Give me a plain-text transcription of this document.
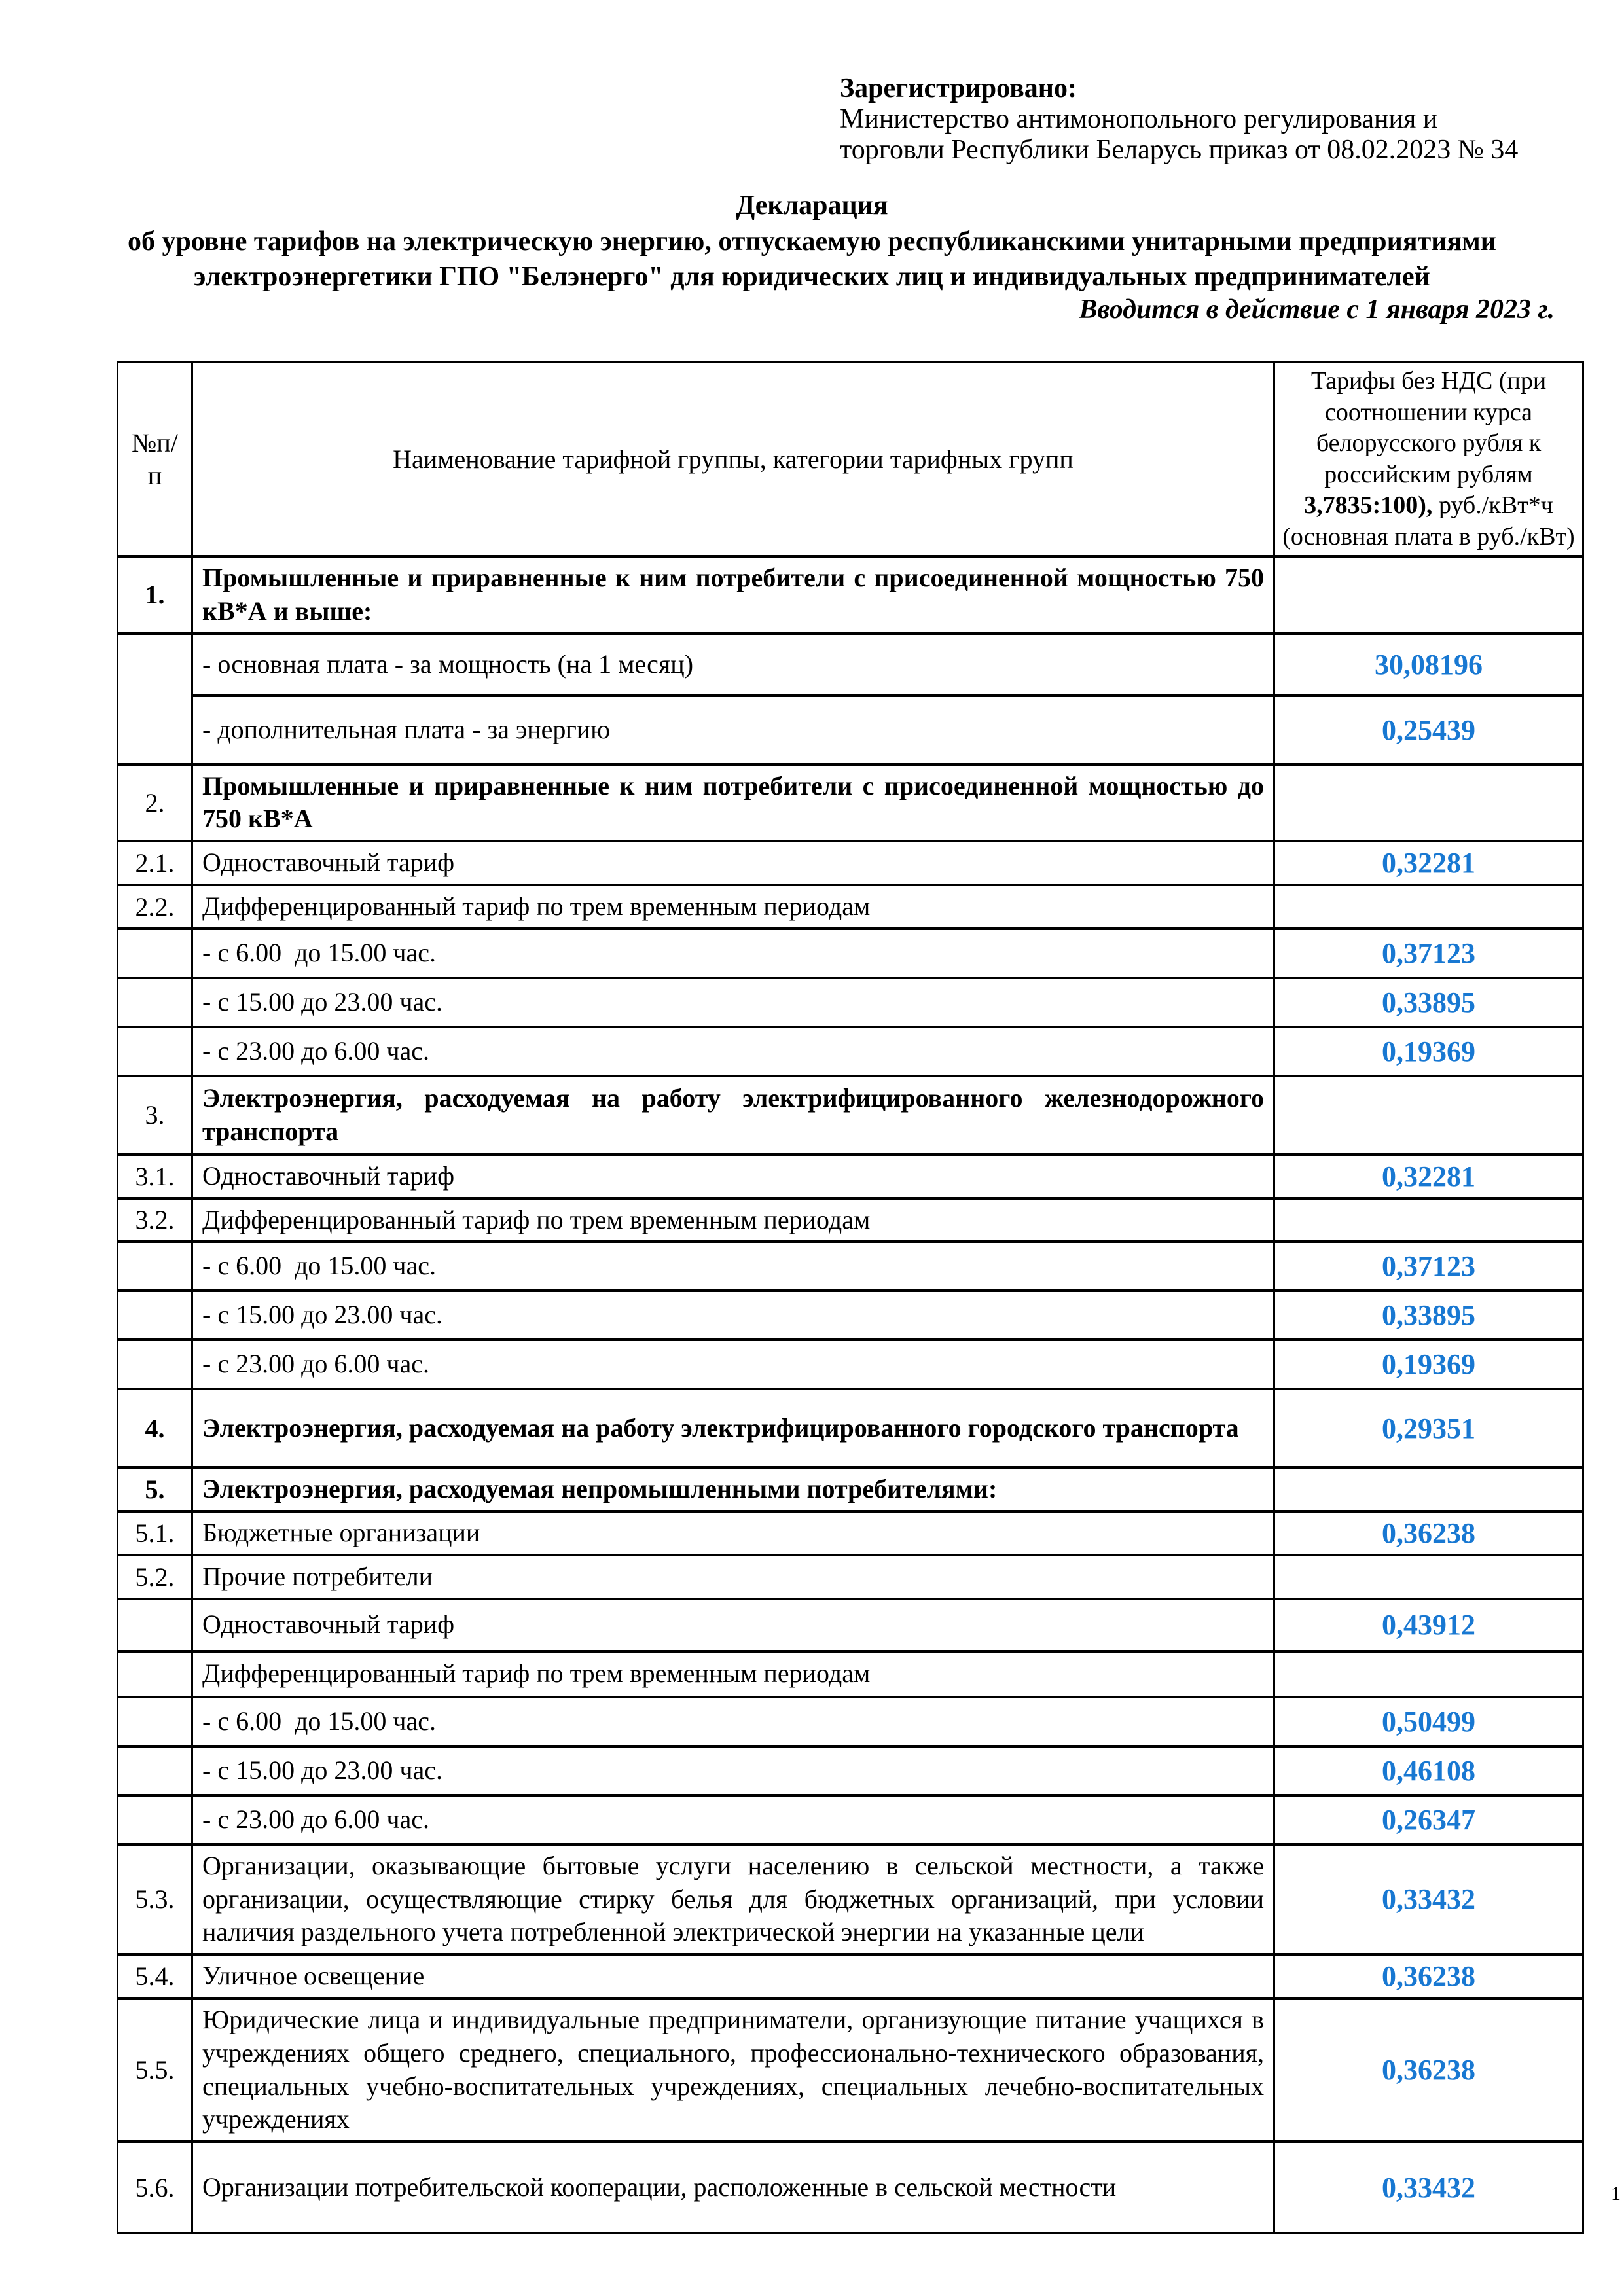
Зарегистрировано:
Министерство антимонопольного регулирования и
торговли Республики Беларусь приказ от 08.02.2023 № 34
Декларация
об уровне тарифов на электрическую энергию, отпускаемую республиканскими унитарными предприятиями
электроэнергетики ГПО "Белэнерго" для юридических лиц и индивидуальных предпринимателей
Вводится в действие с 1 января 2023 г.
№п/п	Наименование тарифной группы, категории тарифных групп	Тарифы без НДС (при соотношении курса белорусского рубля к российским рублям 3,7835:100), руб./кВт*ч (основная плата в руб./кВт)
1.	Промышленные и приравненные к ним потребители с присоединенной мощностью 750 кВ*А и выше:	
	- основная плата - за мощность (на 1 месяц)	30,08196
	- дополнительная плата - за энергию	0,25439
2.	Промышленные и приравненные к ним потребители с присоединенной мощностью до 750 кВ*А	
2.1.	Одноставочный тариф	0,32281
2.2.	Дифференцированный тариф по трем временным периодам	
	- с 6.00  до 15.00 час.	0,37123
	- с 15.00 до 23.00 час.	0,33895
	- с 23.00 до 6.00 час.	0,19369
3.	Электроэнергия, расходуемая на работу электрифицированного железнодорожного транспорта	
3.1.	Одноставочный тариф	0,32281
3.2.	Дифференцированный тариф по трем временным периодам	
	- с 6.00  до 15.00 час.	0,37123
	- с 15.00 до 23.00 час.	0,33895
	- с 23.00 до 6.00 час.	0,19369
4.	Электроэнергия, расходуемая на работу электрифицированного городского транспорта	0,29351
5.	Электроэнергия, расходуемая непромышленными потребителями:	
5.1.	Бюджетные организации	0,36238
5.2.	Прочие потребители	
	Одноставочный тариф	0,43912
	Дифференцированный тариф по трем временным периодам	
	- с 6.00  до 15.00 час.	0,50499
	- с 15.00 до 23.00 час.	0,46108
	- с 23.00 до 6.00 час.	0,26347
5.3.	Организации, оказывающие бытовые услуги населению в сельской местности, а также организации, осуществляющие стирку белья для бюджетных организаций, при условии наличия раздельного учета потребленной электрической энергии на указанные цели	0,33432
5.4.	Уличное освещение	0,36238
5.5.	Юридические лица и индивидуальные предприниматели, организующие питание учащихся в учреждениях общего среднего, специального, профессионально-технического образования, специальных учебно-воспитательных учреждениях, специальных лечебно-воспитательных учреждениях	0,36238
5.6.	Организации потребительской кооперации, расположенные в сельской местности	0,33432	1
